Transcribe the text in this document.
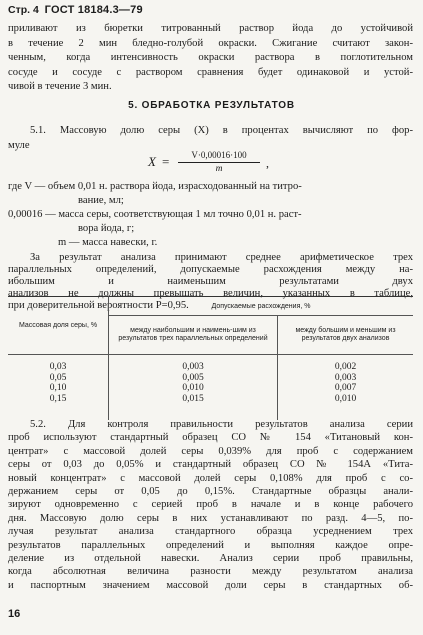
Стр. 4 ГОСТ 18184.3—79
приливают из бюретки титрованный раствор йода до устойчивой
в течение 2 мин бледно-голубой окраски. Сжигание считают закон-
ченным, когда интенсивность окраски раствора в поглотительном
сосуде и сосуде с раствором сравнения будет одинаковой и устой-
чивой в течение 3 мин.
5. ОБРАБОТКА РЕЗУЛЬТАТОВ
5.1. Массовую долю серы (X) в процентах вычисляют по фор-
муле
X =	V·0,00016·100
m	,
где V — объем 0,01 н. раствора йода, израсходованный на титро-
вание, мл;
0,00016 — масса серы, соответствующая 1 мл точно 0,01 н. раст-
вора йода, г;
m — масса навески, г.
За результат анализа принимают среднее арифметическое трех
параллельных определений, допускаемые расхождения между на-
ибольшим и наименьшим результатами двух
анализов не должны превышать величин, указанных в таблице,
при доверительной вероятности P=0,95.
Массовая доля серы, %	Допускаемые расхождения, %	
	между наибольшим и наимень-шим из результатов трех параллельных определений	между большим и меньшим из результатов двух анализов

0,03	0,003	0,002
0,05	0,005	0,003
0,10	0,010	0,007
0,15	0,015	0,010

5.2. Для контроля правильности результатов анализа серии
проб используют стандартный образец СО № 154 «Титановый кон-
центрат» с массовой долей серы 0,039% для проб с содержанием
серы от 0,03 до 0,05% и стандартный образец СО № 154А «Тита-
новый концентрат» с массовой долей серы 0,108% для проб с со-
держанием серы от 0,05 до 0,15%. Стандартные образцы анали-
зируют одновременно с серией проб в начале и в конце рабочего
дня. Массовую долю серы в них устанавливают по разд. 4—5, по-
лучая результат анализа стандартного образца усреднением трех
результатов параллельных определений и выполняя каждое опре-
деление из отдельной навески. Анализ серии проб правильны,
когда абсолютная величина разности между результатом анализа
и паспортным значением массовой доли серы в стандартных об-
16
